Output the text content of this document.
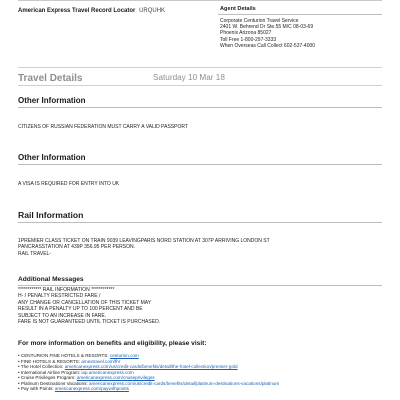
American Express Travel Record Locator URQUHK	Agent Details
Corporate Centurion Travel Service
2401 W. Behrend Dr Ste.55 M/C 08-03-69
Phoenix Arizona 85027
Toll Free 1-800-297-3333
When Overseas Call Collect 602-537-4000
Travel Details	Saturday 10 Mar 18
Other Information
CITIZENS OF RUSSIAN FEDERATION MUST CARRY A VALID PASSPORT
Other Information
A VISA IS REQUIRED FOR ENTRY INTO UK
Rail Information
1PREMIER CLASS TICKET ON TRAIN 9039 LEAVINGPARIS NORD STATION AT 307P ARRIVING LONDON ST
PANCRASSTATION AT 439P 356.95 PER PERSON.
RAIL TRAVEL-
Additional Messages
************ RAIL INFORMATION ************
H- / PENALTY RESTRICTED FARE /
ANY CHANGE OR CANCELLATION OF THIS TICKET MAY
RESULT IN A PENALTY UP TO 100 PERCENT AND BE
SUBJECT TO AN INCREASE IN FARE.
FARE IS NOT GUARANTEED UNTIL TICKET IS PURCHASED.
For more information on benefits and eligibility, please visit:
• CENTURION FINE HOTELS & RESORTS: centurion.com
• FINE HOTELS & RESORTS: amextravel.com/fhr
• The Hotel Collection: americanexpress.com/us/credit-cards/benefits/detail/the-hotel-collection/premier-gold
• International Airline Program: iap.americanexpress.com
• Cruise Privileges Program: americanexpress.com/cruiseprivileges
• Platinum Destinations Vacations: americanexpress.com/us/credit-cards/benefits/detail/platinum-destinations-vacations/platinum
• Pay with Points: americanexpress.com/paywithpoints
